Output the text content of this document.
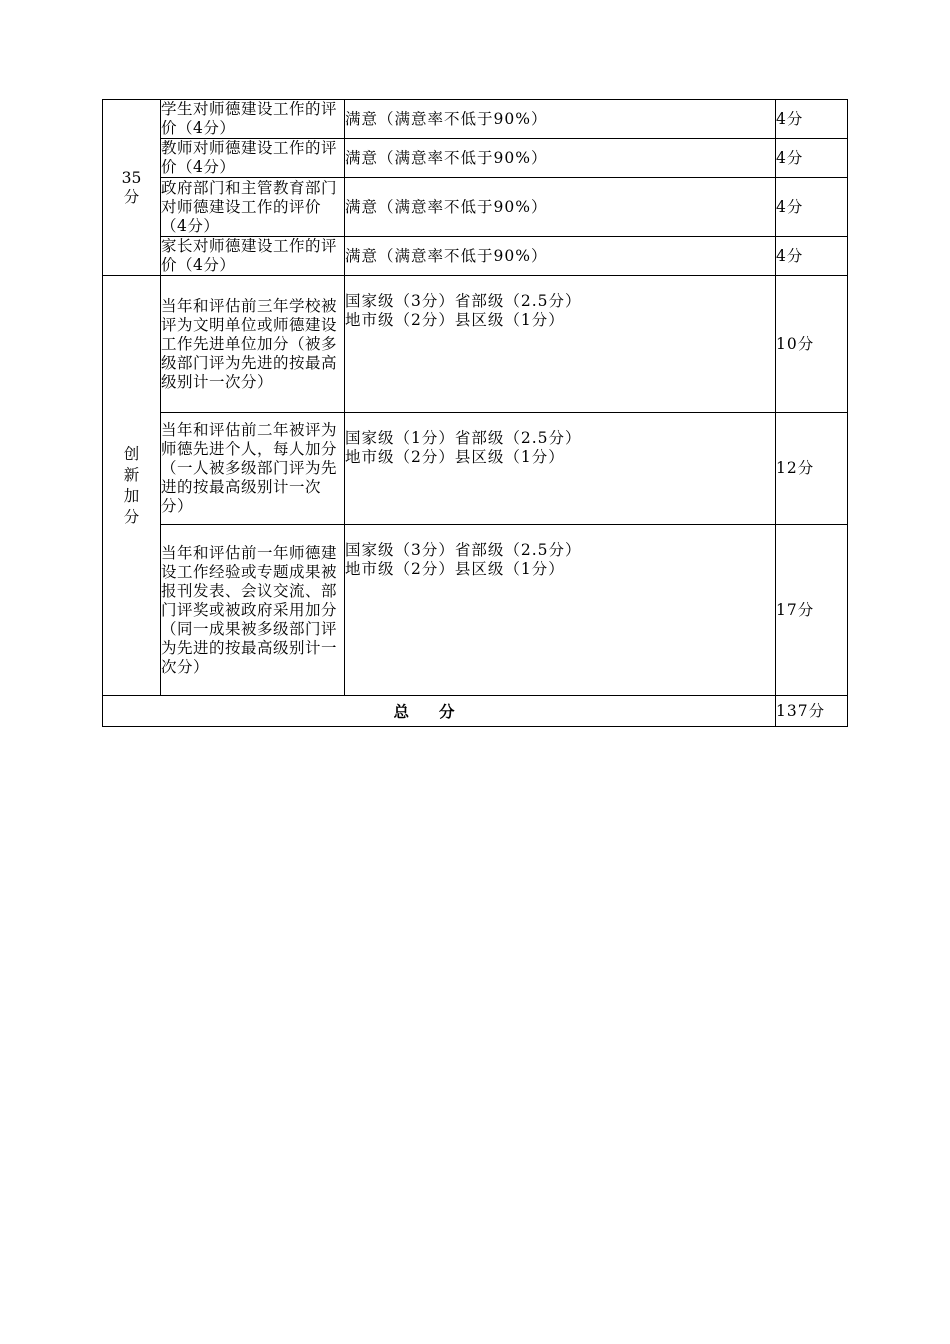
35分	学生对师德建设工作的评价（4分）	满意（满意率不低于90%）	4分
	教师对师德建设工作的评价（4分）	满意（满意率不低于90%）	4分
	政府部门和主管教育部门对师德建设工作的评价（4分）	满意（满意率不低于90%）	4分
	家长对师德建设工作的评价（4分）	满意（满意率不低于90%）	4分
创新加分	当年和评估前三年学校被评为文明单位或师德建设工作先进单位加分（被多级部门评为先进的按最高级别计一次分）	国家级（3分）省部级（2.5分）
地市级（2分）县区级（1分）	10分
	当年和评估前二年被评为师德先进个人，每人加分（一人被多级部门评为先进的按最高级别计一次分）	国家级（1分）省部级（2.5分）
地市级（2分）县区级（1分）	12分
	当年和评估前一年师德建设工作经验或专题成果被报刊发表、会议交流、部门评奖或被政府采用加分（同一成果被多级部门评为先进的按最高级别计一次分）	国家级（3分）省部级（2.5分）
地市级（2分）县区级（1分）	17分
总分			137分
